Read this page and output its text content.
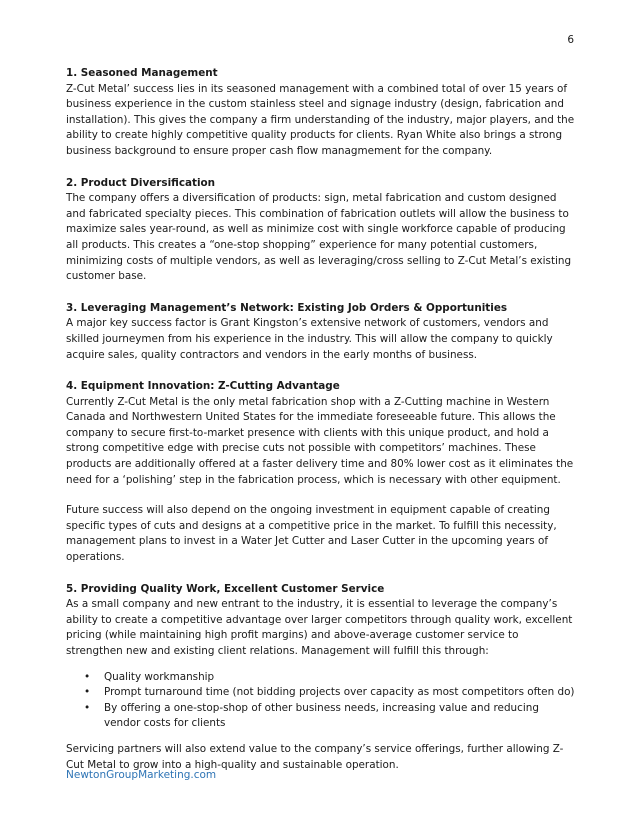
6

1. Seasoned Management

Z-Cut Metal’ success lies in its seasoned management with a combined total of over 15 years of business experience in the custom stainless steel and signage industry (design, fabrication and installation). This gives the company a firm understanding of the industry, major players, and the ability to create highly competitive quality products for clients. Ryan White also brings a strong business background to ensure proper cash flow managmement for the company.

2. Product Diversification

The company offers a diversification of products: sign, metal fabrication and custom designed and fabricated specialty pieces. This combination of fabrication outlets will allow the business to maximize sales year-round, as well as minimize cost with single workforce capable of producing all products. This creates a “one-stop shopping” experience for many potential customers, minimizing costs of multiple vendors, as well as leveraging/cross selling to Z-Cut Metal’s existing customer base.

3. Leveraging Management’s Network: Existing Job Orders & Opportunities

A major key success factor is Grant Kingston’s extensive network of customers, vendors and skilled journeymen from his experience in the industry. This will allow the company to quickly acquire sales, quality contractors and vendors in the early months of business.

4. Equipment Innovation: Z-Cutting Advantage

Currently Z-Cut Metal is the only metal fabrication shop with a Z-Cutting machine in Western Canada and Northwestern United States for the immediate foreseeable future. This allows the company to secure first-to-market presence with clients with this unique product, and hold a strong competitive edge with precise cuts not possible with competitors’ machines. These products are additionally offered at a faster delivery time and 80% lower cost as it eliminates the need for a ‘polishing’ step in the fabrication process, which is necessary with other equipment.

Future success will also depend on the ongoing investment in equipment capable of creating specific types of cuts and designs at a competitive price in the market. To fulfill this necessity, management plans to invest in a Water Jet Cutter and Laser Cutter in the upcoming years of operations.

5. Providing Quality Work, Excellent Customer Service

As a small company and new entrant to the industry, it is essential to leverage the company’s ability to create a competitive advantage over larger competitors through quality work, excellent pricing (while maintaining high profit margins) and above-average customer service to strengthen new and existing client relations. Management will fulfill this through:

• Quality workmanship
• Prompt turnaround time (not bidding projects over capacity as most competitors often do)
• By offering a one-stop-shop of other business needs, increasing value and reducing vendor costs for clients

Servicing partners will also extend value to the company’s service offerings, further allowing Z-Cut Metal to grow into a high-quality and sustainable operation.

NewtonGroupMarketing.com
